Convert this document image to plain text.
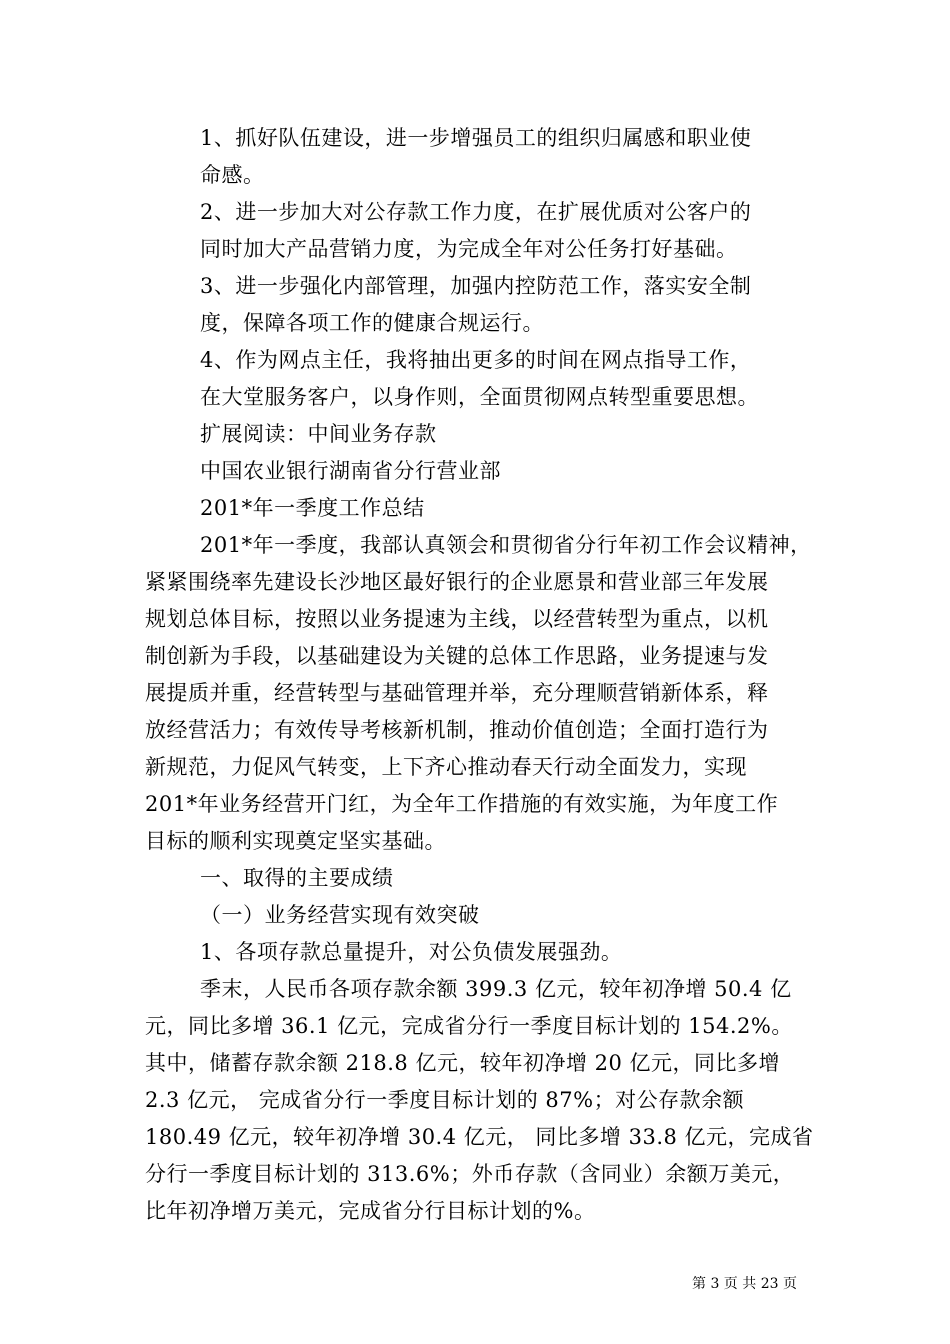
1、抓好队伍建设，进一步增强员工的组织归属感和职业使
命感。
2、进一步加大对公存款工作力度，在扩展优质对公客户的
同时加大产品营销力度，为完成全年对公任务打好基础。
3、进一步强化内部管理，加强内控防范工作，落实安全制
度，保障各项工作的健康合规运行。
4、作为网点主任，我将抽出更多的时间在网点指导工作，
在大堂服务客户，以身作则，全面贯彻网点转型重要思想。
扩展阅读：中间业务存款
中国农业银行湖南省分行营业部
201*年一季度工作总结
201*年一季度，我部认真领会和贯彻省分行年初工作会议精神，
紧紧围绕率先建设长沙地区最好银行的企业愿景和营业部三年发展
规划总体目标，按照以业务提速为主线，以经营转型为重点，以机
制创新为手段，以基础建设为关键的总体工作思路，业务提速与发
展提质并重，经营转型与基础管理并举，充分理顺营销新体系，释
放经营活力；有效传导考核新机制，推动价值创造；全面打造行为
新规范，力促风气转变，上下齐心推动春天行动全面发力，实现
201*年业务经营开门红，为全年工作措施的有效实施，为年度工作
目标的顺利实现奠定坚实基础。
一、取得的主要成绩
（一）业务经营实现有效突破
1、各项存款总量提升，对公负债发展强劲。
季末，人民币各项存款余额 399.3 亿元，较年初净增 50.4 亿
元，同比多增 36.1 亿元，完成省分行一季度目标计划的 154.2%。
其中，储蓄存款余额 218.8 亿元，较年初净增 20 亿元，同比多增
2.3 亿元， 完成省分行一季度目标计划的 87%；对公存款余额
180.49 亿元，较年初净增 30.4 亿元， 同比多增 33.8 亿元，完成省
分行一季度目标计划的 313.6%；外币存款（含同业）余额万美元，
比年初净增万美元，完成省分行目标计划的%。
第 3 页 共 23 页
